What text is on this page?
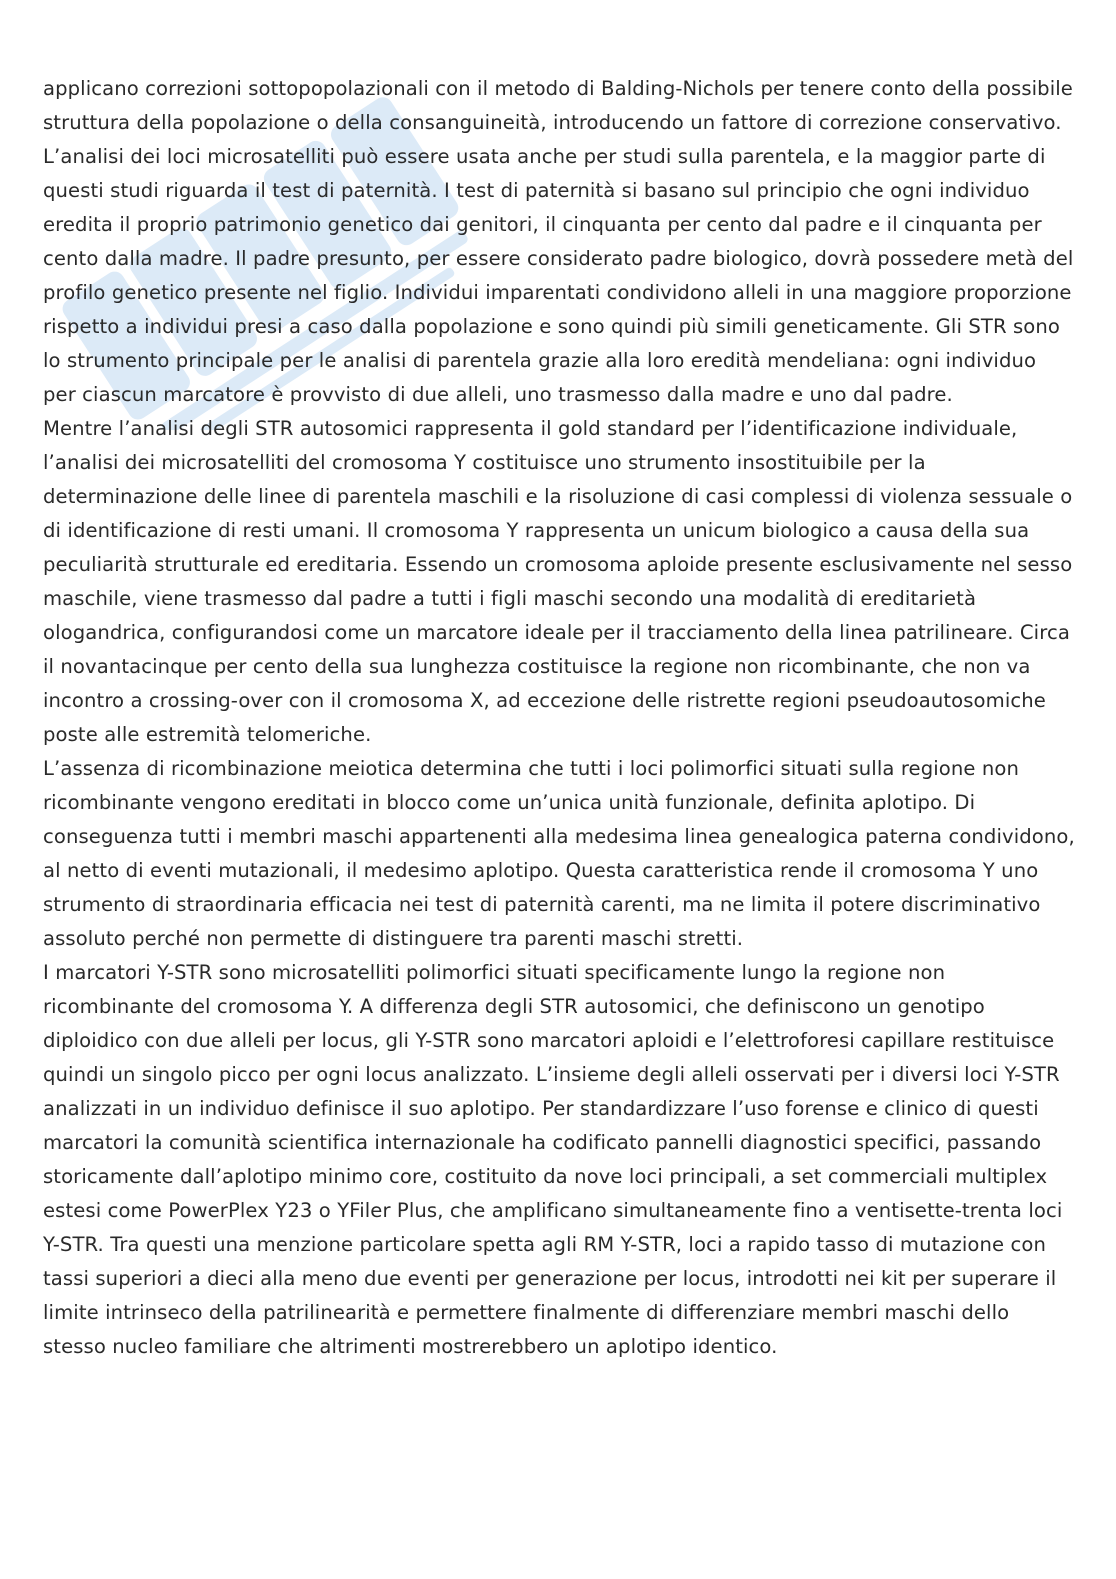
applicano correzioni sottopopolazionali con il metodo di Balding-Nichols per tenere conto della possibile struttura della popolazione o della consanguineità, introducendo un fattore di correzione conservativo.

L’analisi dei loci microsatelliti può essere usata anche per studi sulla parentela, e la maggior parte di questi studi riguarda il test di paternità. I test di paternità si basano sul principio che ogni individuo eredita il proprio patrimonio genetico dai genitori, il cinquanta per cento dal padre e il cinquanta per cento dalla madre. Il padre presunto, per essere considerato padre biologico, dovrà possedere metà del profilo genetico presente nel figlio. Individui imparentati condividono alleli in una maggiore proporzione rispetto a individui presi a caso dalla popolazione e sono quindi più simili geneticamente. Gli STR sono lo strumento principale per le analisi di parentela grazie alla loro eredità mendeliana: ogni individuo per ciascun marcatore è provvisto di due alleli, uno trasmesso dalla madre e uno dal padre.

Mentre l’analisi degli STR autosomici rappresenta il gold standard per l’identificazione individuale, l’analisi dei microsatelliti del cromosoma Y costituisce uno strumento insostituibile per la determinazione delle linee di parentela maschili e la risoluzione di casi complessi di violenza sessuale o di identificazione di resti umani. Il cromosoma Y rappresenta un unicum biologico a causa della sua peculiarità strutturale ed ereditaria. Essendo un cromosoma aploide presente esclusivamente nel sesso maschile, viene trasmesso dal padre a tutti i figli maschi secondo una modalità di ereditarietà ologandrica, configurandosi come un marcatore ideale per il tracciamento della linea patrilineare. Circa il novantacinque per cento della sua lunghezza costituisce la regione non ricombinante, che non va incontro a crossing-over con il cromosoma X, ad eccezione delle ristrette regioni pseudoautosomiche poste alle estremità telomeriche.

L’assenza di ricombinazione meiotica determina che tutti i loci polimorfici situati sulla regione non ricombinante vengono ereditati in blocco come un’unica unità funzionale, definita aplotipo. Di conseguenza tutti i membri maschi appartenenti alla medesima linea genealogica paterna condividono, al netto di eventi mutazionali, il medesimo aplotipo. Questa caratteristica rende il cromosoma Y uno strumento di straordinaria efficacia nei test di paternità carenti, ma ne limita il potere discriminativo assoluto perché non permette di distinguere tra parenti maschi stretti.

I marcatori Y-STR sono microsatelliti polimorfici situati specificamente lungo la regione non ricombinante del cromosoma Y. A differenza degli STR autosomici, che definiscono un genotipo diploidico con due alleli per locus, gli Y-STR sono marcatori aploidi e l’elettroforesi capillare restituisce quindi un singolo picco per ogni locus analizzato. L’insieme degli alleli osservati per i diversi loci Y-STR analizzati in un individuo definisce il suo aplotipo. Per standardizzare l’uso forense e clinico di questi marcatori la comunità scientifica internazionale ha codificato pannelli diagnostici specifici, passando storicamente dall’aplotipo minimo core, costituito da nove loci principali, a set commerciali multiplex estesi come PowerPlex Y23 o YFiler Plus, che amplificano simultaneamente fino a ventisette-trenta loci Y-STR. Tra questi una menzione particolare spetta agli RM Y-STR, loci a rapido tasso di mutazione con tassi superiori a dieci alla meno due eventi per generazione per locus, introdotti nei kit per superare il limite intrinseco della patrilinearità e permettere finalmente di differenziare membri maschi dello stesso nucleo familiare che altrimenti mostrerebbero un aplotipo identico.
